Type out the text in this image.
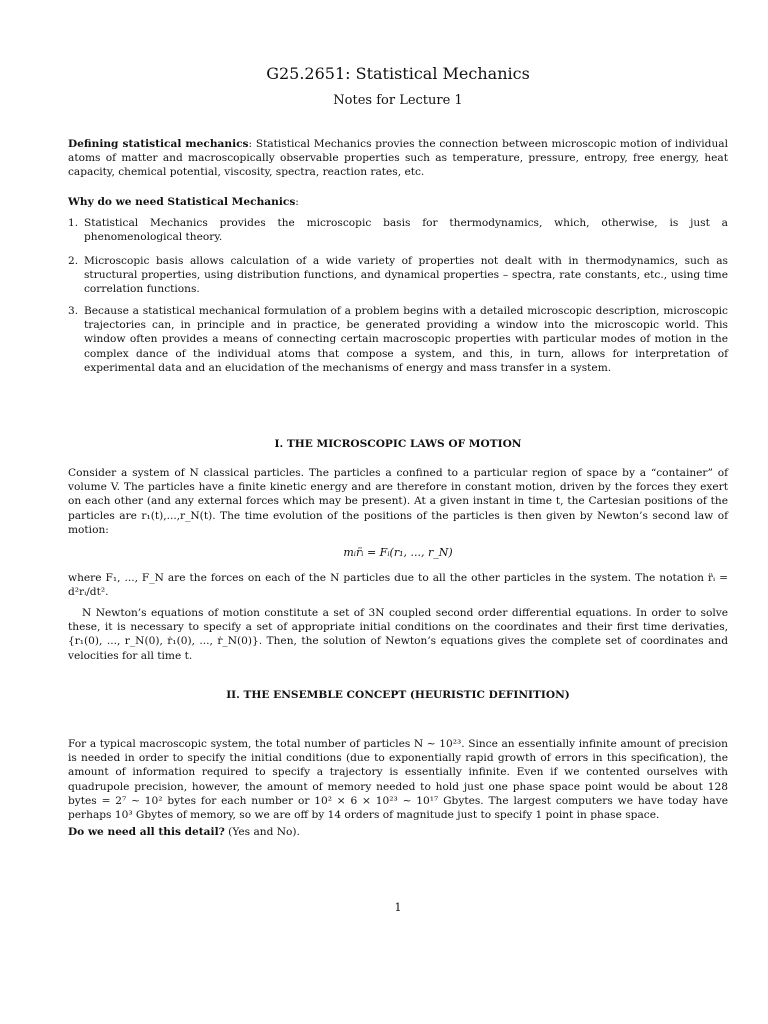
G25.2651: Statistical Mechanics
Notes for Lecture 1
Defining statistical mechanics: Statistical Mechanics provies the connection between microscopic motion of individual atoms of matter and macroscopically observable properties such as temperature, pressure, entropy, free energy, heat capacity, chemical potential, viscosity, spectra, reaction rates, etc.
Why do we need Statistical Mechanics:
1. Statistical Mechanics provides the microscopic basis for thermodynamics, which, otherwise, is just a phenomenological theory.
2. Microscopic basis allows calculation of a wide variety of properties not dealt with in thermodynamics, such as structural properties, using distribution functions, and dynamical properties – spectra, rate constants, etc., using time correlation functions.
3. Because a statistical mechanical formulation of a problem begins with a detailed microscopic description, microscopic trajectories can, in principle and in practice, be generated providing a window into the microscopic world. This window often provides a means of connecting certain macroscopic properties with particular modes of motion in the complex dance of the individual atoms that compose a system, and this, in turn, allows for interpretation of experimental data and an elucidation of the mechanisms of energy and mass transfer in a system.
I. THE MICROSCOPIC LAWS OF MOTION
Consider a system of N classical particles. The particles a confined to a particular region of space by a “container” of volume V. The particles have a finite kinetic energy and are therefore in constant motion, driven by the forces they exert on each other (and any external forces which may be present). At a given instant in time t, the Cartesian positions of the particles are r₁(t),...,r_N(t). The time evolution of the positions of the particles is then given by Newton’s second law of motion:
mᵢr̈ᵢ = Fᵢ(r₁, ..., r_N)
where F₁, ..., F_N are the forces on each of the N particles due to all the other particles in the system. The notation r̈ᵢ = d²rᵢ/dt².
N Newton’s equations of motion constitute a set of 3N coupled second order differential equations. In order to solve these, it is necessary to specify a set of appropriate initial conditions on the coordinates and their first time derivaties, {r₁(0), ..., r_N(0), ṙ₁(0), ..., ṙ_N(0)}. Then, the solution of Newton’s equations gives the complete set of coordinates and velocities for all time t.
II. THE ENSEMBLE CONCEPT (HEURISTIC DEFINITION)
For a typical macroscopic system, the total number of particles N ∼ 10²³. Since an essentially infinite amount of precision is needed in order to specify the initial conditions (due to exponentially rapid growth of errors in this specification), the amount of information required to specify a trajectory is essentially infinite. Even if we contented ourselves with quadrupole precision, however, the amount of memory needed to hold just one phase space point would be about 128 bytes = 2⁷ ∼ 10² bytes for each number or 10² × 6 × 10²³ ∼ 10¹⁷ Gbytes. The largest computers we have today have perhaps 10³ Gbytes of memory, so we are off by 14 orders of magnitude just to specify 1 point in phase space.
Do we need all this detail? (Yes and No).
1
